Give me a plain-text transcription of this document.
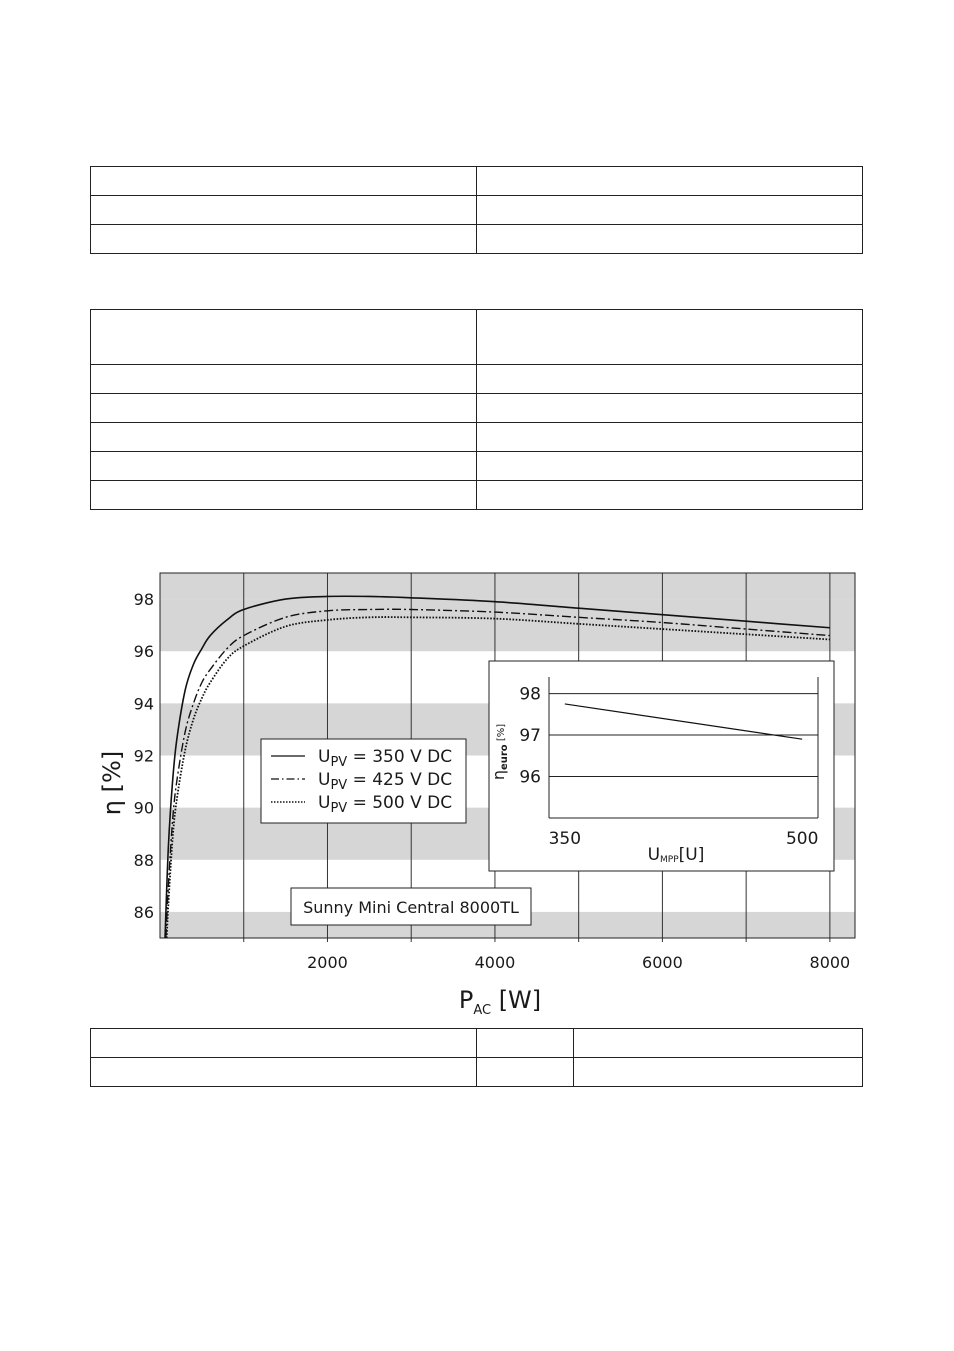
86
88
90
92
94
96
98
2000	4000	6000	8000
η [%]
$P_{AC}$ [W]
$U_{PV} = 350$ V DC
$U_{PV} = 425$ V DC
$U_{PV} = 500$ V DC
Sunny Mini Central 8000TL
96
97
98
350	500
ηeuro [%]
UMPP[U]
